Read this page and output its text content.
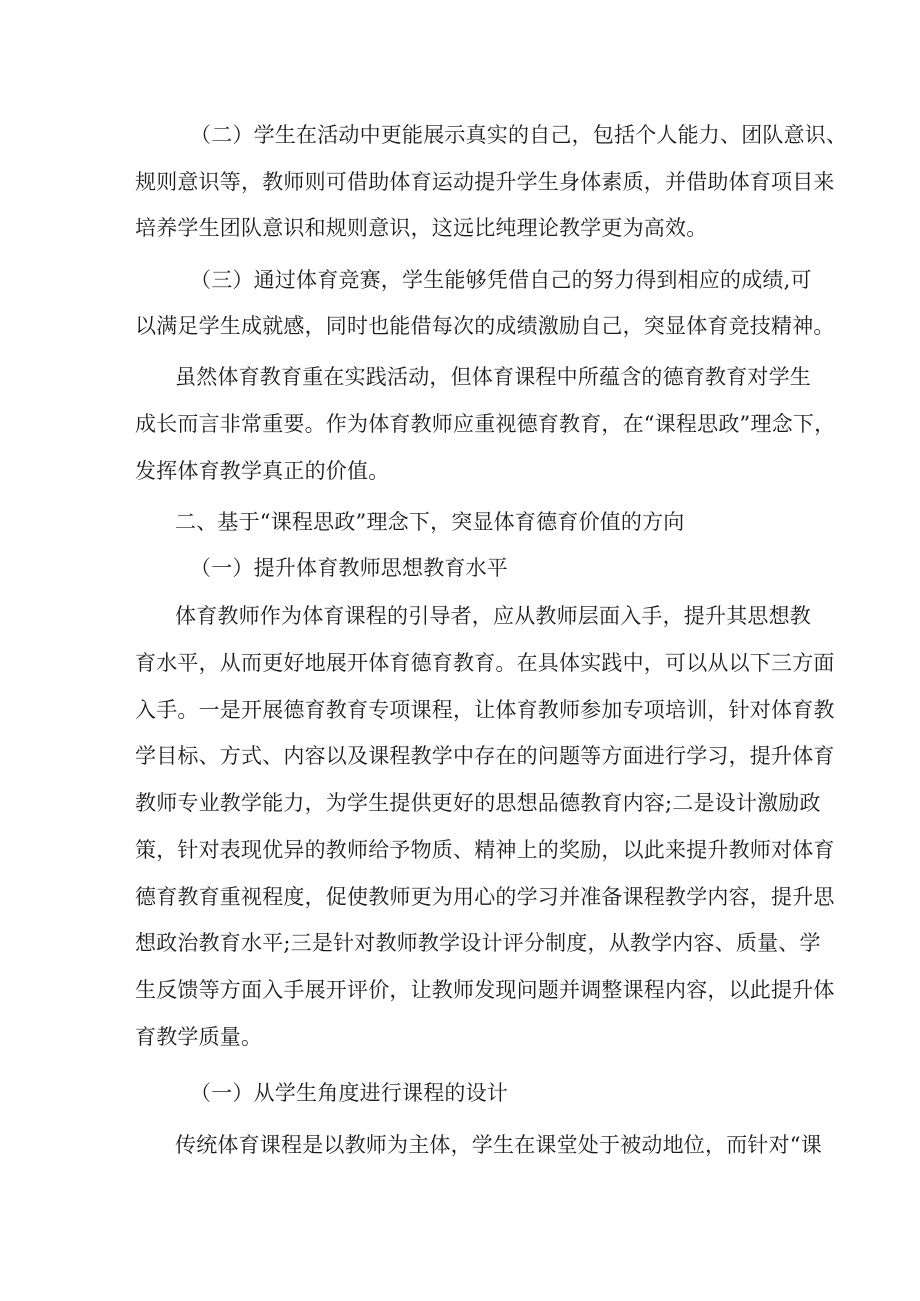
（二）学生在活动中更能展示真实的自己，包括个人能力、团队意识、
规则意识等，教师则可借助体育运动提升学生身体素质，并借助体育项目来
培养学生团队意识和规则意识，这远比纯理论教学更为高效。
（三）通过体育竞赛，学生能够凭借自己的努力得到相应的成绩,可
以满足学生成就感，同时也能借每次的成绩激励自己，突显体育竞技精神。
虽然体育教育重在实践活动，但体育课程中所蕴含的德育教育对学生
成长而言非常重要。作为体育教师应重视德育教育，在“课程思政”理念下，
发挥体育教学真正的价值。
二、基于“课程思政”理念下，突显体育德育价值的方向
（一）提升体育教师思想教育水平
体育教师作为体育课程的引导者，应从教师层面入手，提升其思想教
育水平，从而更好地展开体育德育教育。在具体实践中，可以从以下三方面
入手。一是开展德育教育专项课程，让体育教师参加专项培训，针对体育教
学目标、方式、内容以及课程教学中存在的问题等方面进行学习，提升体育
教师专业教学能力，为学生提供更好的思想品德教育内容;二是设计激励政
策，针对表现优异的教师给予物质、精神上的奖励，以此来提升教师对体育
德育教育重视程度，促使教师更为用心的学习并准备课程教学内容，提升思
想政治教育水平;三是针对教师教学设计评分制度，从教学内容、质量、学
生反馈等方面入手展开评价，让教师发现问题并调整课程内容，以此提升体
育教学质量。
（一）从学生角度进行课程的设计
传统体育课程是以教师为主体，学生在课堂处于被动地位，而针对“课
